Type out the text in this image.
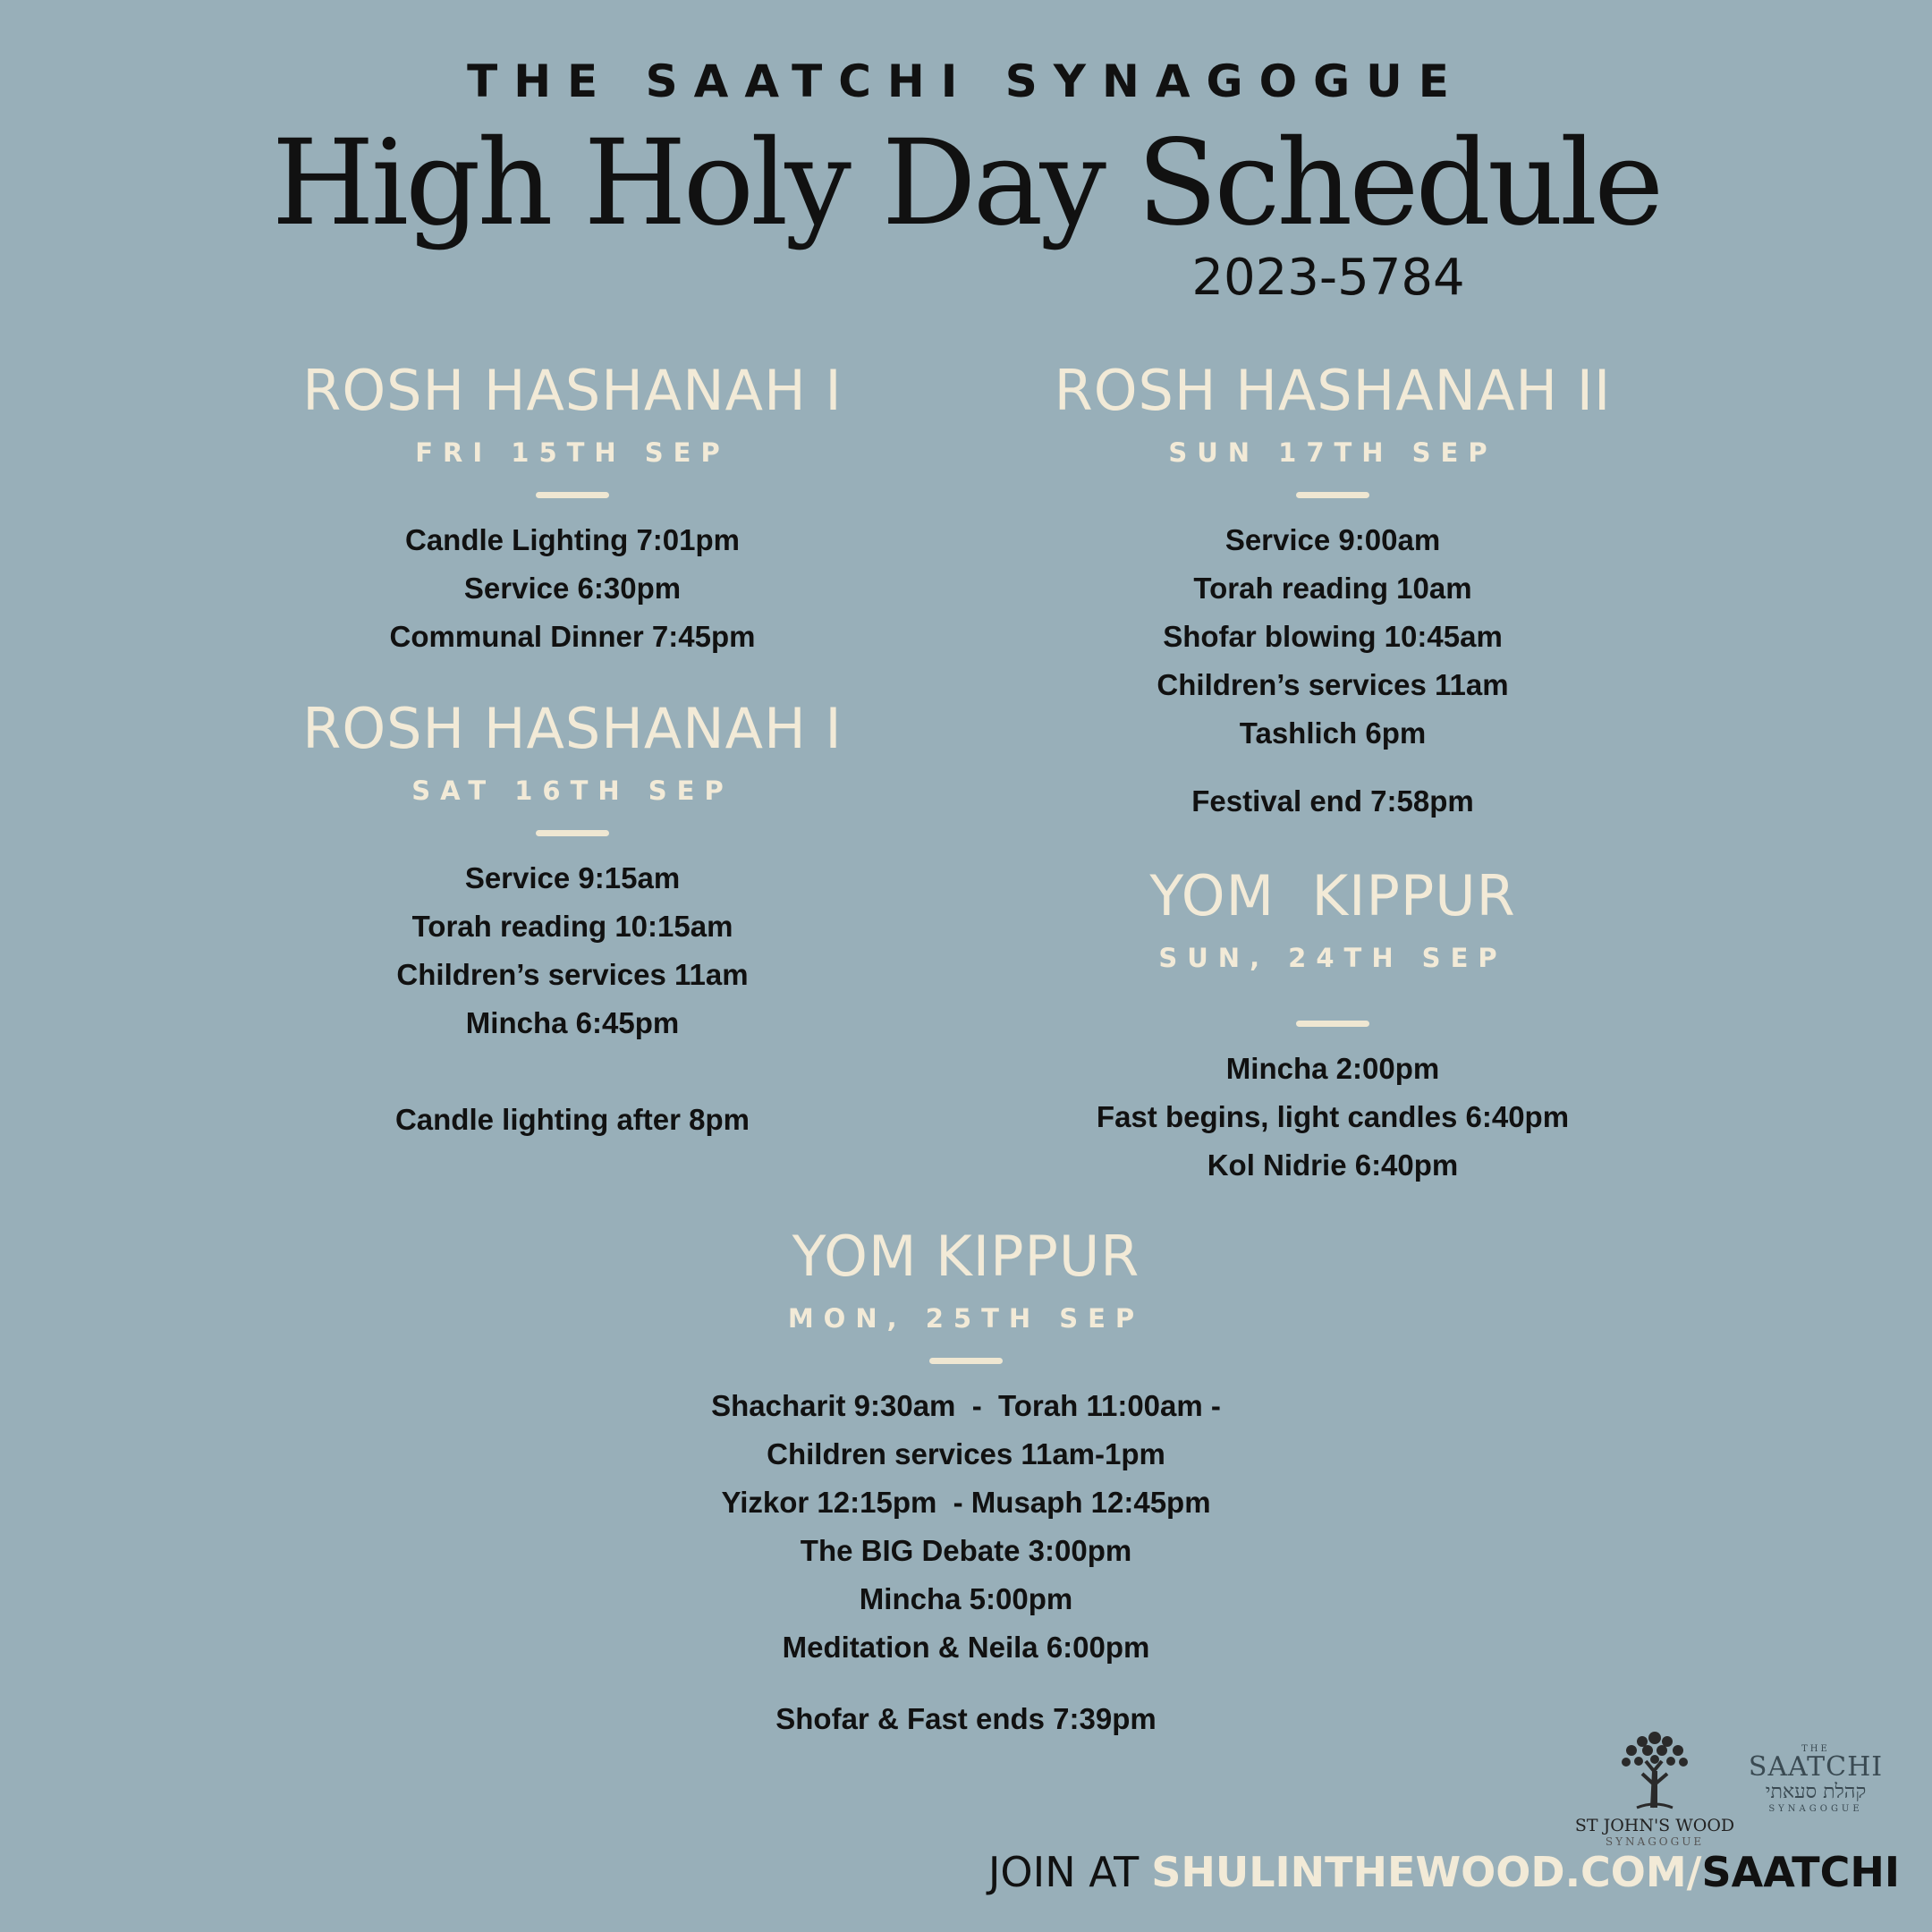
THE SAATCHI SYNAGOGUE
High Holy Day Schedule
2023-5784
ROSH HASHANAH I
FRI 15TH SEP
Candle Lighting 7:01pm
Service 6:30pm
Communal Dinner 7:45pm
ROSH HASHANAH I
SAT 16TH SEP
Service 9:15am
Torah reading 10:15am
Children’s services 11am
Mincha 6:45pm
Candle lighting after 8pm
ROSH HASHANAH II
SUN 17TH SEP
Service 9:00am
Torah reading 10am
Shofar blowing 10:45am
Children’s services 11am
Tashlich 6pm
Festival end 7:58pm
YOM  KIPPUR
SUN, 24TH SEP
Mincha 2:00pm
Fast begins, light candles 6:40pm
Kol Nidrie 6:40pm
YOM KIPPUR
MON, 25TH SEP
Shacharit 9:30am  -  Torah 11:00am -
Children services 11am-1pm
Yizkor 12:15pm  - Musaph 12:45pm
The BIG Debate 3:00pm
Mincha 5:00pm
Meditation & Neila 6:00pm
Shofar & Fast ends 7:39pm
ST JOHN'S WOOD
SYNAGOGUE
THE
SAATCHI
קהלת סעאתי
SYNAGOGUE
JOIN AT SHULINTHEWOOD.COM/SAATCHI
